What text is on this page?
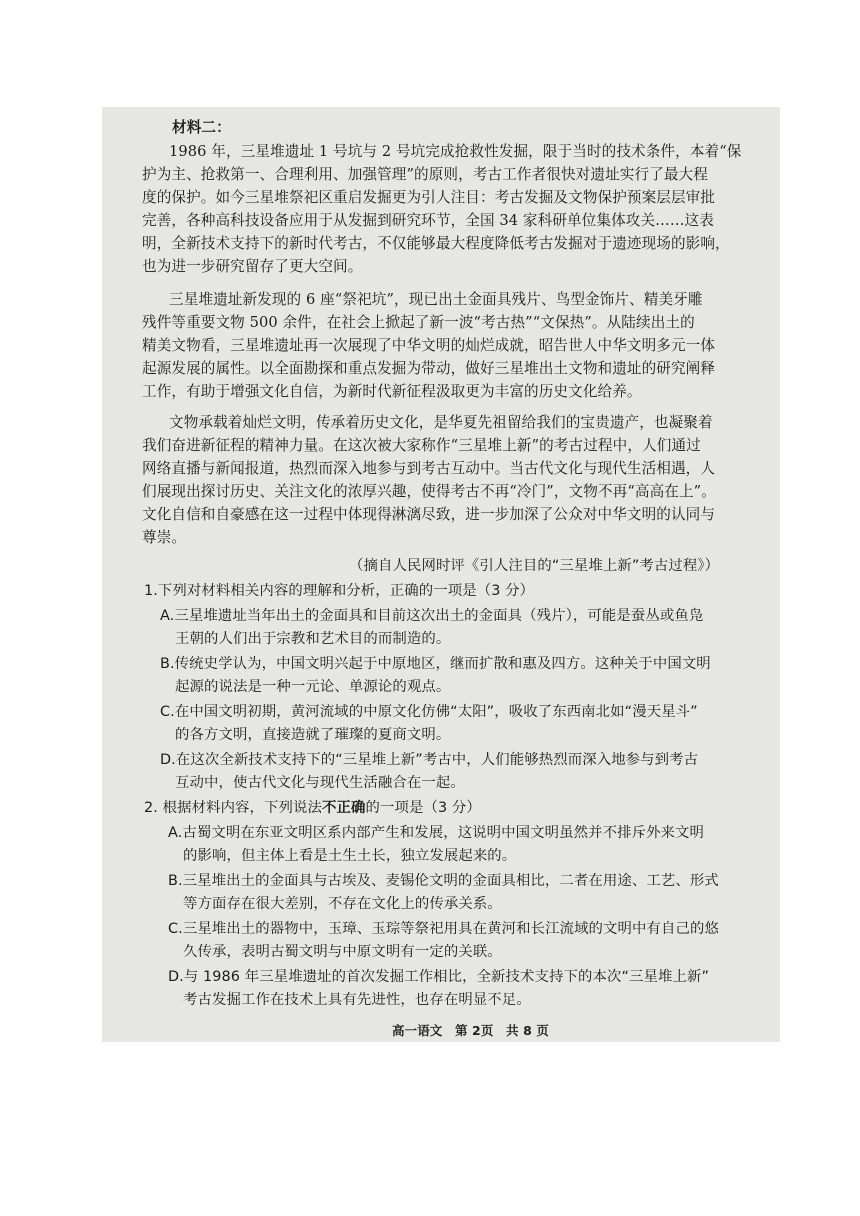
材料二：
1986 年，三星堆遗址 1 号坑与 2 号坑完成抢救性发掘，限于当时的技术条件，本着“保
护为主、抢救第一、合理利用、加强管理”的原则，考古工作者很快对遗址实行了最大程
度的保护。如今三星堆祭祀区重启发掘更为引人注目：考古发掘及文物保护预案层层审批
完善，各种高科技设备应用于从发掘到研究环节，全国 34 家科研单位集体攻关……这表
明，全新技术支持下的新时代考古，不仅能够最大程度降低考古发掘对于遗迹现场的影响，
也为进一步研究留存了更大空间。
三星堆遗址新发现的 6 座“祭祀坑”，现已出土金面具残片、鸟型金饰片、精美牙雕
残件等重要文物 500 余件，在社会上掀起了新一波“考古热”“文保热”。从陆续出土的
精美文物看，三星堆遗址再一次展现了中华文明的灿烂成就，昭告世人中华文明多元一体
起源发展的属性。以全面勘探和重点发掘为带动，做好三星堆出土文物和遗址的研究阐释
工作，有助于增强文化自信，为新时代新征程汲取更为丰富的历史文化给养。
文物承载着灿烂文明，传承着历史文化，是华夏先祖留给我们的宝贵遗产，也凝聚着
我们奋进新征程的精神力量。在这次被大家称作“三星堆上新”的考古过程中，人们通过
网络直播与新闻报道，热烈而深入地参与到考古互动中。当古代文化与现代生活相遇，人
们展现出探讨历史、关注文化的浓厚兴趣，使得考古不再“冷门”，文物不再“高高在上”。
文化自信和自豪感在这一过程中体现得淋漓尽致，进一步加深了公众对中华文明的认同与
尊崇。
（摘自人民网时评《引人注目的“三星堆上新”考古过程》）
1.下列对材料相关内容的理解和分析，正确的一项是（3 分）
A.三星堆遗址当年出土的金面具和目前这次出土的金面具（残片），可能是蚕丛或鱼凫
王朝的人们出于宗教和艺术目的而制造的。
B.传统史学认为，中国文明兴起于中原地区，继而扩散和惠及四方。这种关于中国文明
起源的说法是一种一元论、单源论的观点。
C.在中国文明初期，黄河流域的中原文化仿佛“太阳”，吸收了东西南北如“漫天星斗”
的各方文明，直接造就了璀璨的夏商文明。
D.在这次全新技术支持下的“三星堆上新”考古中，人们能够热烈而深入地参与到考古
互动中，使古代文化与现代生活融合在一起。
2. 根据材料内容，下列说法不正确的一项是（3 分）
A.古蜀文明在东亚文明区系内部产生和发展，这说明中国文明虽然并不排斥外来文明
的影响，但主体上看是土生土长，独立发展起来的。
B.三星堆出土的金面具与古埃及、麦锡伦文明的金面具相比，二者在用途、工艺、形式
等方面存在很大差别，不存在文化上的传承关系。
C.三星堆出土的器物中，玉璋、玉琮等祭祀用具在黄河和长江流域的文明中有自己的悠
久传承，表明古蜀文明与中原文明有一定的关联。
D.与 1986 年三星堆遗址的首次发掘工作相比，全新技术支持下的本次“三星堆上新”
考古发掘工作在技术上具有先进性，也存在明显不足。
高一语文　第 2页　共 8 页
